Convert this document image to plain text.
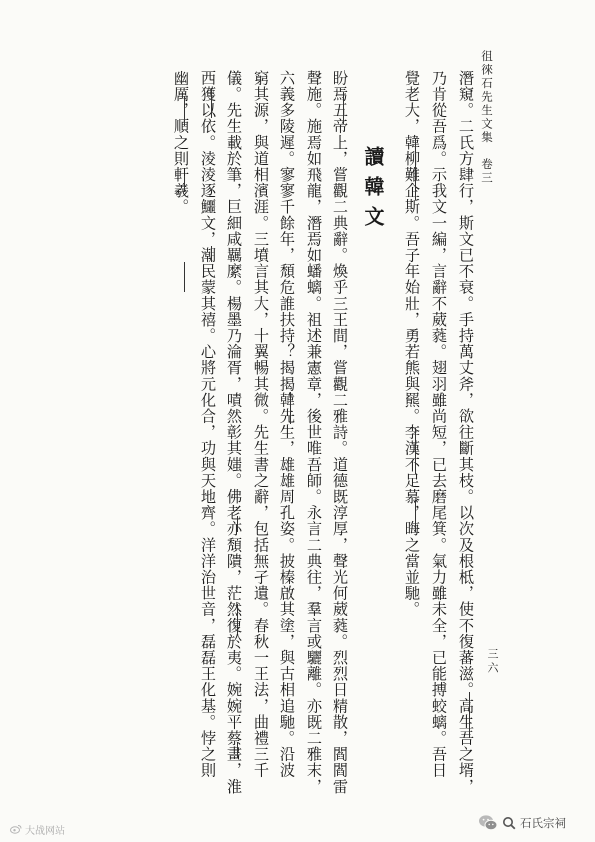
徂徠石先生文集　卷三
三六
潛窺。二氏方肆行，斯文已不衰。手持萬丈斧，欲往斷其枝。以次及根柢，使不復蕃滋。高生吾之壻，
乃肯從吾爲。示我文一編，言辭不葳蕤。翅羽雖尚短，已去磨尾箕。氣力雖未全，已能搏蛟螭。吾日
覺老大，韓柳難企斯。吾子年始壯，勇若熊與羆。李漢不足慕，晦之當並馳。
讀韓文
盼焉五帝上，嘗觀二典辭。煥乎三王間，嘗觀二雅詩。道德既淳厚，聲光何葳蕤。烈烈日精散，閻閻雷
聲施。施焉如飛龍，潛焉如蟠螭。祖述兼憲章，後世唯吾師。永言二典往，羣言或驪離。亦既二雅末，
六義多陵遲。寥寥千餘年，頹危誰扶持？揭揭韓先生，雄雄周孔姿。披榛啟其塗，與古相追馳。沿波
窮其源，與道相濱涯。三墳言其大，十翼暢其微。先生書之辭，包括無孑遺。春秋一王法，曲禮三千
儀。先生載於筆，巨細咸羈縻。楊墨乃淪胥，嘖然彰其媸。佛老亦頽隤，茫然復於夷。婉婉平蔡畫，淮
西獲以依。淩淩逐鱷文，潮民蒙其禧。心將元化合，功與天地齊。洋洋治世音，磊磊王化基。悖之則
幽厲，順之則軒羲。
大战网站
石氏宗祠
